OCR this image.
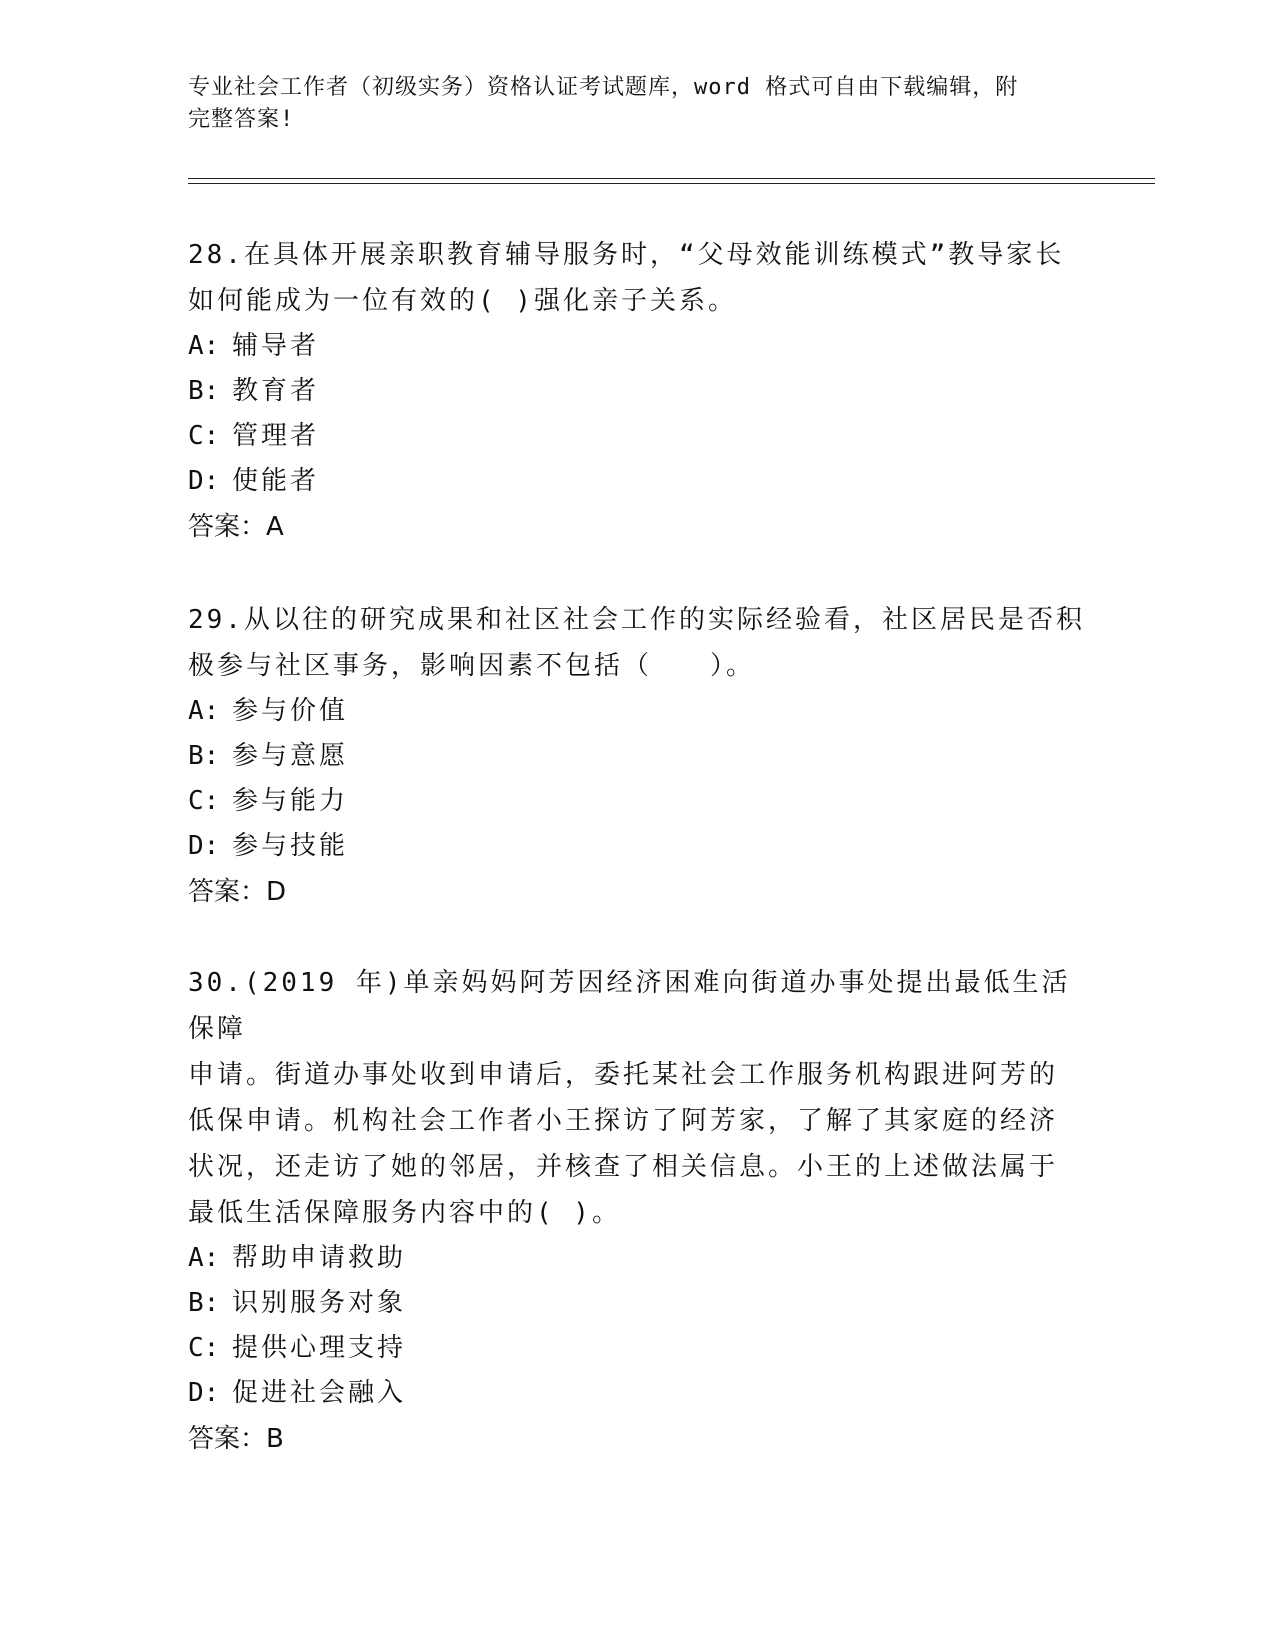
专业社会工作者（初级实务）资格认证考试题库，word 格式可自由下载编辑，附
完整答案!

28.在具体开展亲职教育辅导服务时，“父母效能训练模式”教导家长

如何能成为一位有效的( )强化亲子关系。

A: 辅导者

B: 教育者

C: 管理者

D: 使能者

答案：A

29.从以往的研究成果和社区社会工作的实际经验看，社区居民是否积

极参与社区事务，影响因素不包括（　　）。

A: 参与价值

B: 参与意愿

C: 参与能力

D: 参与技能

答案：D

30.(2019 年)单亲妈妈阿芳因经济困难向街道办事处提出最低生活保障

申请。街道办事处收到申请后，委托某社会工作服务机构跟进阿芳的

低保申请。机构社会工作者小王探访了阿芳家，了解了其家庭的经济

状况，还走访了她的邻居，并核查了相关信息。小王的上述做法属于

最低生活保障服务内容中的( )。

A: 帮助申请救助

B: 识别服务对象

C: 提供心理支持

D: 促进社会融入

答案：B
